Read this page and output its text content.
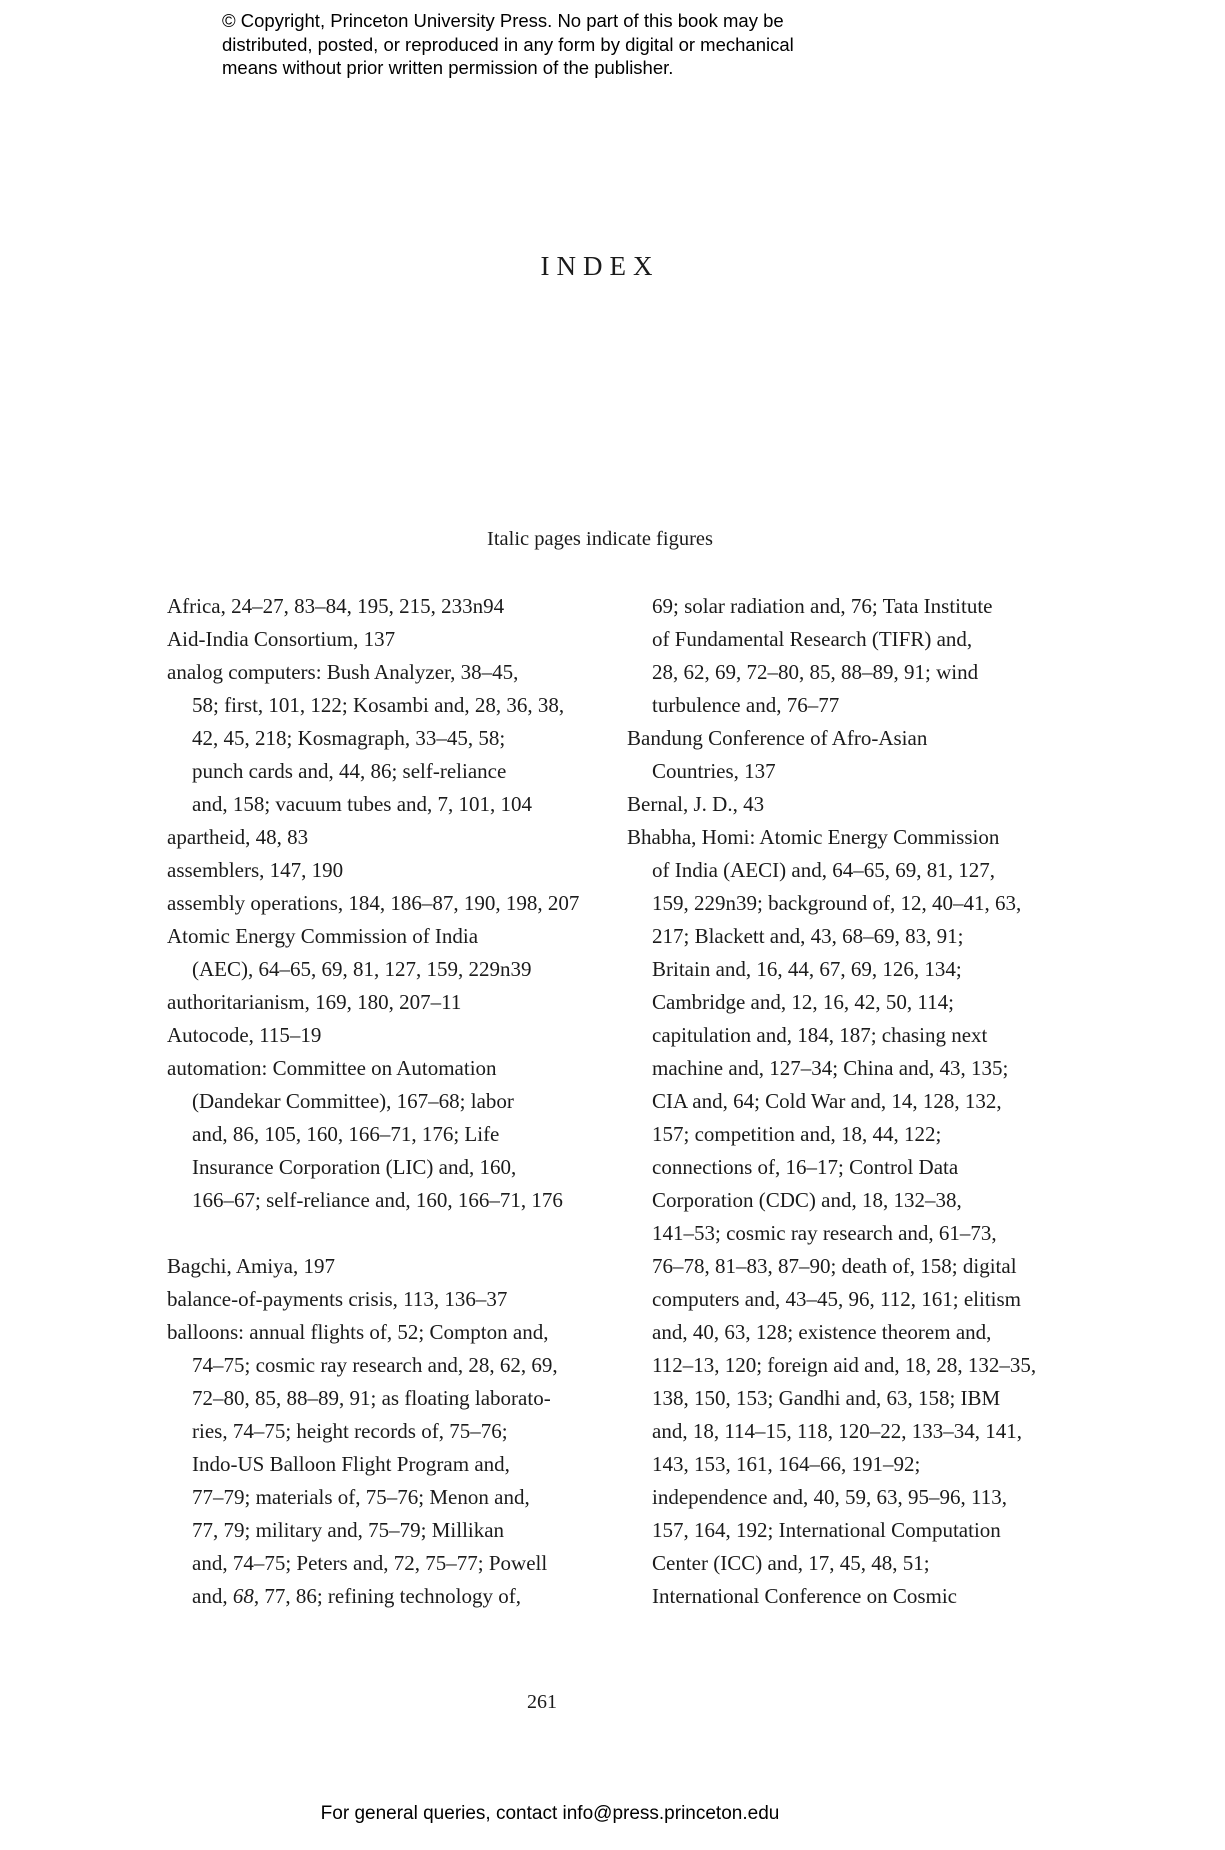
© Copyright, Princeton University Press. No part of this book may be
distributed, posted, or reproduced in any form by digital or mechanical
means without prior written permission of the publisher.
INDEX
Italic pages indicate figures
Africa, 24–27, 83–84, 195, 215, 233n94
Aid-India Consortium, 137
analog computers: Bush Analyzer, 38–45,
58; first, 101, 122; Kosambi and, 28, 36, 38,
42, 45, 218; Kosmagraph, 33–45, 58;
punch cards and, 44, 86; self-reliance
and, 158; vacuum tubes and, 7, 101, 104
apartheid, 48, 83
assemblers, 147, 190
assembly operations, 184, 186–87, 190, 198, 207
Atomic Energy Commission of India
(AEC), 64–65, 69, 81, 127, 159, 229n39
authoritarianism, 169, 180, 207–11
Autocode, 115–19
automation: Committee on Automation
(Dandekar Committee), 167–68; labor
and, 86, 105, 160, 166–71, 176; Life
Insurance Corporation (LIC) and, 160,
166–67; self-reliance and, 160, 166–71, 176
Bagchi, Amiya, 197
balance-of-payments crisis, 113, 136–37
balloons: annual flights of, 52; Compton and,
74–75; cosmic ray research and, 28, 62, 69,
72–80, 85, 88–89, 91; as floating laborato-
ries, 74–75; height records of, 75–76;
Indo-US Balloon Flight Program and,
77–79; materials of, 75–76; Menon and,
77, 79; military and, 75–79; Millikan
and, 74–75; Peters and, 72, 75–77; Powell
and, 68, 77, 86; refining technology of,
69; solar radiation and, 76; Tata Institute
of Fundamental Research (TIFR) and,
28, 62, 69, 72–80, 85, 88–89, 91; wind
turbulence and, 76–77
Bandung Conference of Afro-Asian
Countries, 137
Bernal, J. D., 43
Bhabha, Homi: Atomic Energy Commission
of India (AECI) and, 64–65, 69, 81, 127,
159, 229n39; background of, 12, 40–41, 63,
217; Blackett and, 43, 68–69, 83, 91;
Britain and, 16, 44, 67, 69, 126, 134;
Cambridge and, 12, 16, 42, 50, 114;
capitulation and, 184, 187; chasing next
machine and, 127–34; China and, 43, 135;
CIA and, 64; Cold War and, 14, 128, 132,
157; competition and, 18, 44, 122;
connections of, 16–17; Control Data
Corporation (CDC) and, 18, 132–38,
141–53; cosmic ray research and, 61–73,
76–78, 81–83, 87–90; death of, 158; digital
computers and, 43–45, 96, 112, 161; elitism
and, 40, 63, 128; existence theorem and,
112–13, 120; foreign aid and, 18, 28, 132–35,
138, 150, 153; Gandhi and, 63, 158; IBM
and, 18, 114–15, 118, 120–22, 133–34, 141,
143, 153, 161, 164–66, 191–92;
independence and, 40, 59, 63, 95–96, 113,
157, 164, 192; International Computation
Center (ICC) and, 17, 45, 48, 51;
International Conference on Cosmic
261
For general queries, contact info@press.princeton.edu
